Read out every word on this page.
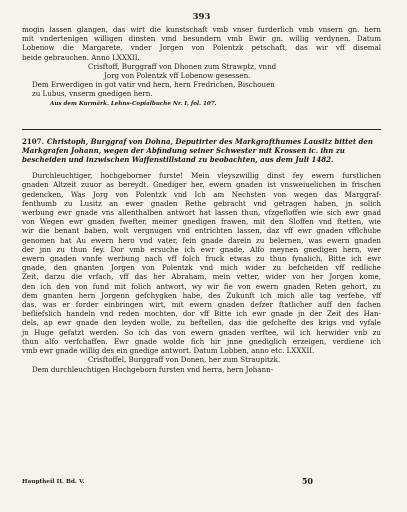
393
mogin lassen glangen, das wirt die kunstschaft vmb vnser furderlich vmb vnsern gn. hern
mit vndertenigen willigen dinsten vmd besundern vmb Ewir gn. willig verdynen. Datum
Lobenow die Margarete, vnder Jorgen von Polentzk petschaft, das wir vff disemal
beide gebrauchen. Anno LXXXII.
Crisftoff, Burggraff von Dhonen zum Strawptz, vnnd
Jorg von Polentzk vff Lobenow gesessen.
Dem Erwerdigen in got vatir vnd hern, hern Fredrichen, Bischouen
zu Lubus, vnserm gnedigen hern.
Aus dem Kurmärk. Lehns-Copialbuche Nr. I, fol. 107.
2107. Christoph, Burggraf von Dohna, Deputirter des Markgrafthumes Lausitz bittet den Markgrafen Johann, wegen der Abfindung seiner Schwester mit Krossen ic. ihn zu bescheiden und inzwischen Waffenstillstand zu beobachten, aus dem Juli 1482.
Durchleuchtiger, hochgeborner furste! Mein vleyszwillig dinst fey ewern furstlichen
gnaden Altzeit zuuor as bereydt. Gnediger her, ewern gnaden ist vnsweiuelichen in frischen
gedencken, Was Jorg von Polentzk vnd Ich am Nechsten von wegen das Marggraf-
fenthumb zu Lusitz an ewer gnaden Rethe gebracht vnd getragen haben, jn solich
werbung ewr gnade vns allenthalben antwort hat lassen thun, vfzgefloffen wie sich ewr gnad
von Wegen ewr gnaden fwefter, meiner gnedigen frawen, mit den Sloffen vnd ftetten, wie
wir die benant baben, wolt vergnugen vnd entrichten lassen, daz vff ewr gnaden vfflchube
genomen hat Au ewern hero vnd vater, fein gnade darein zu belernen, was ewern gnaden
der jnn zu thun fey. Dor vmb ersuche ich ewr gnade, Alfo meynen gnedigen hern, wer
ewern gnaden vnnfe werbung nach vff folch fruck etwas zu thun fynalich, Bitte ich ewr
gnade, den gnanten Jorgen von Polentzk vnd mich wider zu befcheiden vff redliche
Zeit, darzu die vrfach, vff das her Abraham, mein vetter, wider von her Jorgen kome,
den ich den von fund mit folich antwort, wy wir fie von ewern gnaden Reten gehort, zu
dem gnanten hern Jorgenn gefchygken habe, des Zukunft ich mich alle tag verfehe, vff
das, was er forder einbringen wirt, mit ewern gnaden defzer ftatlicher auff den fachen
befliefslich handeln vnd reden mochten, dor vff Bitte ich ewr gnade jn der Zeit des Han-
dels, ap ewr gnade den leyden wolle, zu beftellen, das die gefchefte des krigs vnd vyfale
jn Huge gefatzt werden. So ich das von ewern gnaden verftee, wil ich herwider vnb zu
thun alfo verfchaffen. Ewr gnade wolde fich hir jnne gnediglich erzeigen, verdiene ich
vmb ewr gnade willig des ein gnedige antwort. Datum Lobben, anno etc. LXXXII.
Crisftoffel, Burggraff von Donen, her zum Straupitzk.
Dem durchleuchtigen Hochgeborn fursten vnd herra, hern Johann-
Hauptheil II. Bd. V.	50
